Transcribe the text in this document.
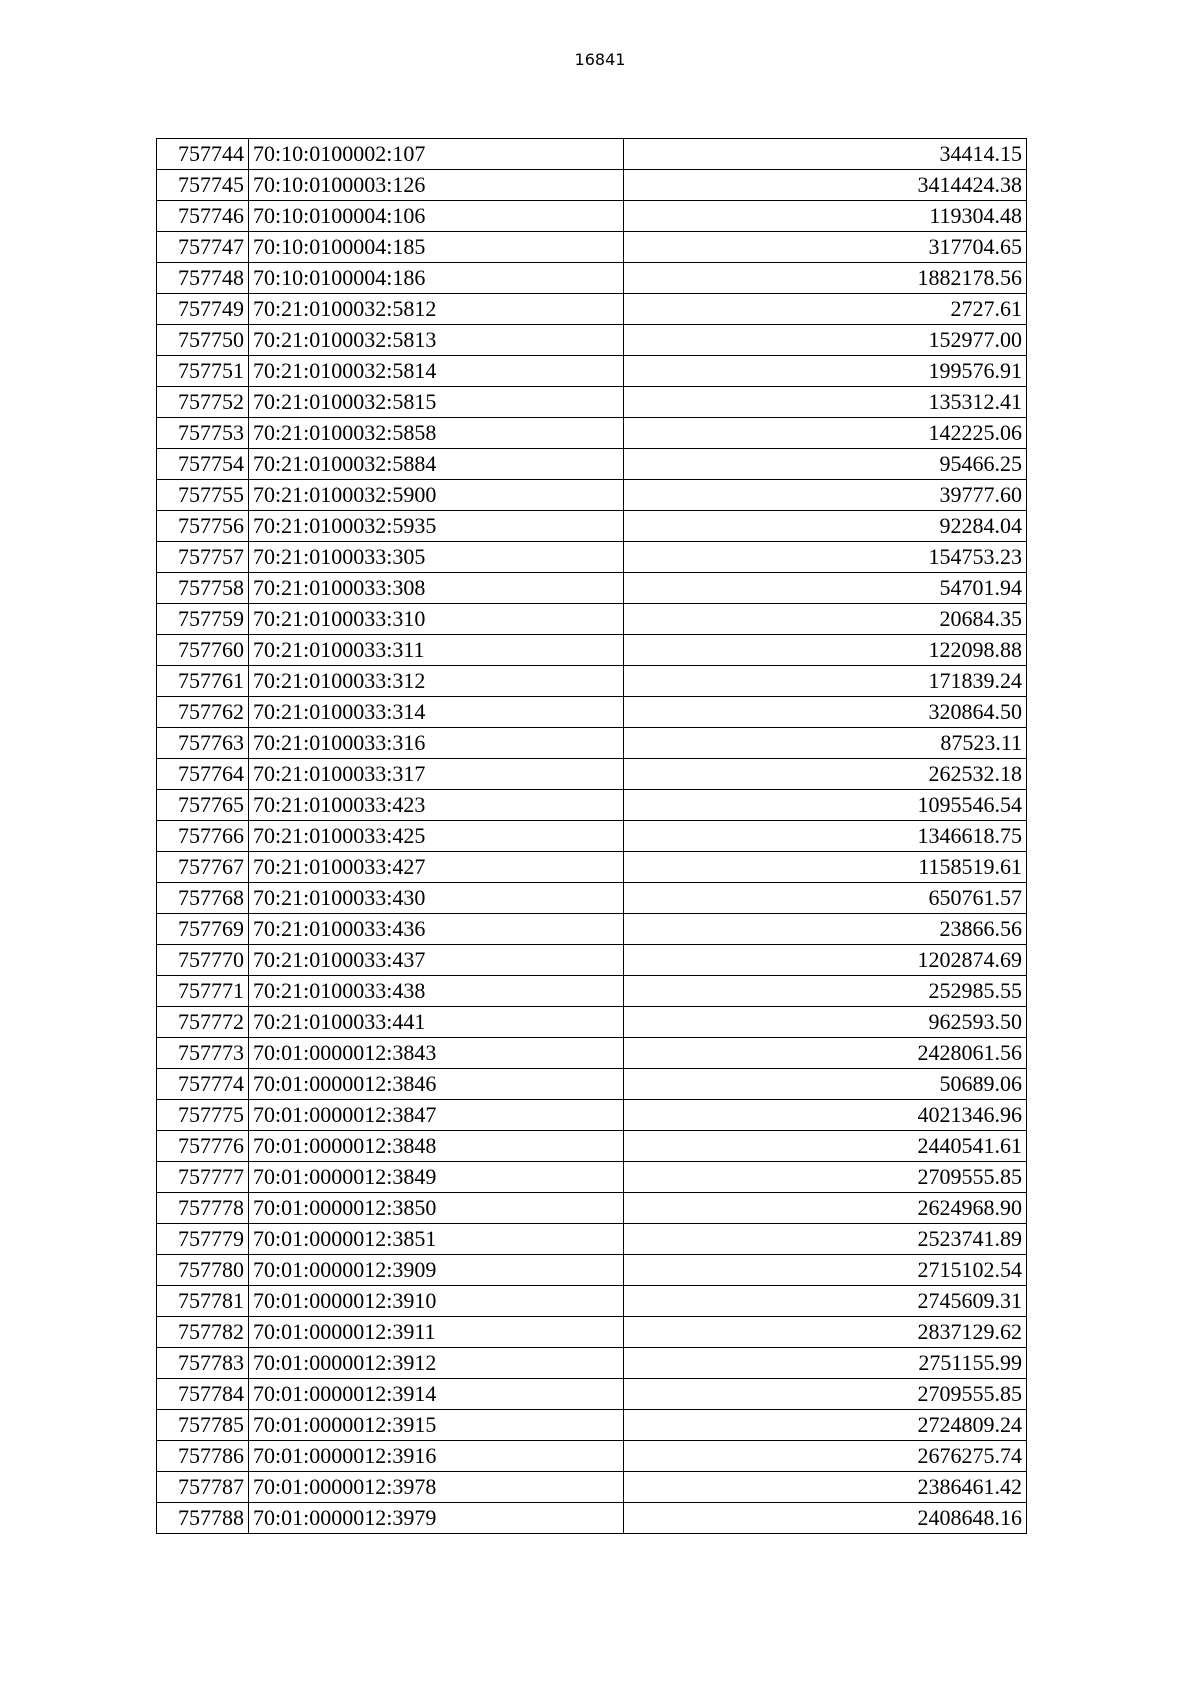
16841
757744	70:10:0100002:107	34414.15
757745	70:10:0100003:126	3414424.38
757746	70:10:0100004:106	119304.48
757747	70:10:0100004:185	317704.65
757748	70:10:0100004:186	1882178.56
757749	70:21:0100032:5812	2727.61
757750	70:21:0100032:5813	152977.00
757751	70:21:0100032:5814	199576.91
757752	70:21:0100032:5815	135312.41
757753	70:21:0100032:5858	142225.06
757754	70:21:0100032:5884	95466.25
757755	70:21:0100032:5900	39777.60
757756	70:21:0100032:5935	92284.04
757757	70:21:0100033:305	154753.23
757758	70:21:0100033:308	54701.94
757759	70:21:0100033:310	20684.35
757760	70:21:0100033:311	122098.88
757761	70:21:0100033:312	171839.24
757762	70:21:0100033:314	320864.50
757763	70:21:0100033:316	87523.11
757764	70:21:0100033:317	262532.18
757765	70:21:0100033:423	1095546.54
757766	70:21:0100033:425	1346618.75
757767	70:21:0100033:427	1158519.61
757768	70:21:0100033:430	650761.57
757769	70:21:0100033:436	23866.56
757770	70:21:0100033:437	1202874.69
757771	70:21:0100033:438	252985.55
757772	70:21:0100033:441	962593.50
757773	70:01:0000012:3843	2428061.56
757774	70:01:0000012:3846	50689.06
757775	70:01:0000012:3847	4021346.96
757776	70:01:0000012:3848	2440541.61
757777	70:01:0000012:3849	2709555.85
757778	70:01:0000012:3850	2624968.90
757779	70:01:0000012:3851	2523741.89
757780	70:01:0000012:3909	2715102.54
757781	70:01:0000012:3910	2745609.31
757782	70:01:0000012:3911	2837129.62
757783	70:01:0000012:3912	2751155.99
757784	70:01:0000012:3914	2709555.85
757785	70:01:0000012:3915	2724809.24
757786	70:01:0000012:3916	2676275.74
757787	70:01:0000012:3978	2386461.42
757788	70:01:0000012:3979	2408648.16
